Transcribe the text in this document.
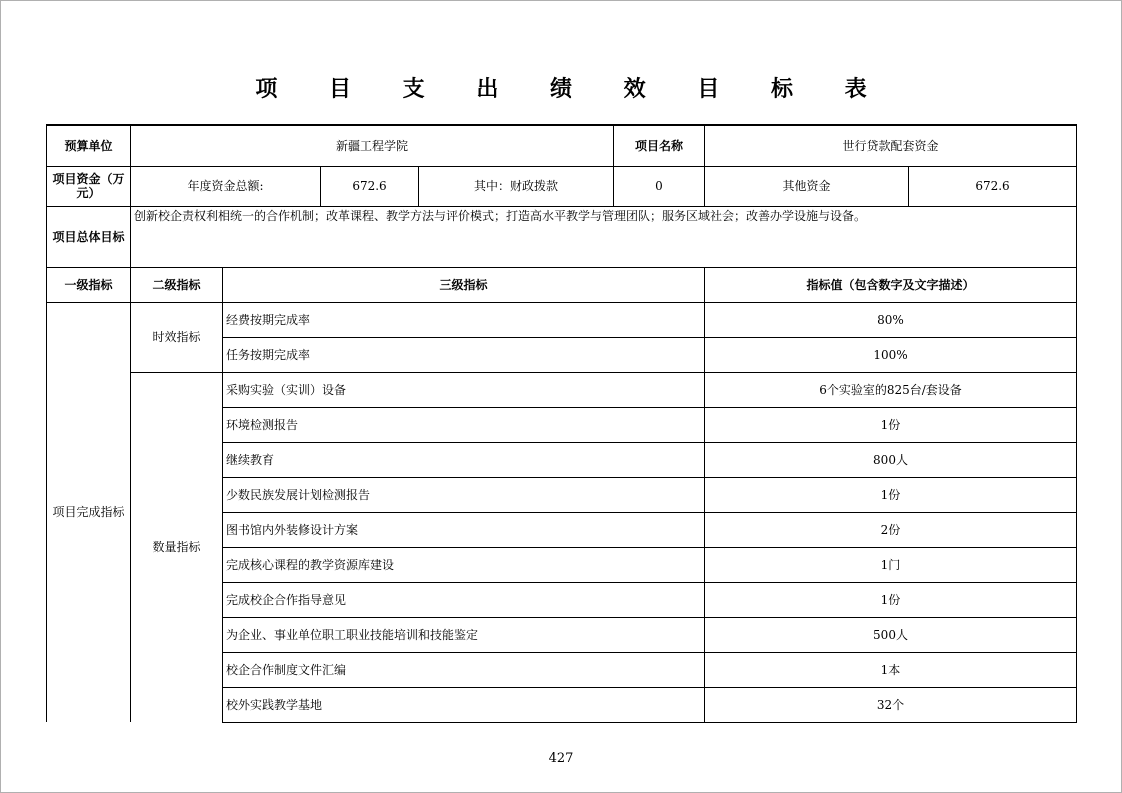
项 目 支 出 绩 效 目 标 表
预算单位	新疆工程学院				项目名称	世行贷款配套资金	
项目资金（万元）	年度资金总额:		672.6	其中：财政拨款	0	其他资金	672.6
项目总体目标	创新校企责权利相统一的合作机制；改革课程、教学方法与评价模式；打造高水平教学与管理团队；服务区域社会；改善办学设施与设备。						
一级指标	二级指标	三级指标				指标值（包含数字及文字描述）	
项目完成指标	时效指标	经费按期完成率				80%	
		任务按期完成率				100%	
	数量指标	采购实验（实训）设备				6个实验室的825台/套设备	
		环境检测报告				1份	
		继续教育				800人	
		少数民族发展计划检测报告				1份	
		图书馆内外装修设计方案				2份	
		完成核心课程的教学资源库建设				1门	
		完成校企合作指导意见				1份	
		为企业、事业单位职工职业技能培训和技能鉴定				500人	
		校企合作制度文件汇编				1本	
		校外实践教学基地				32个	
427
